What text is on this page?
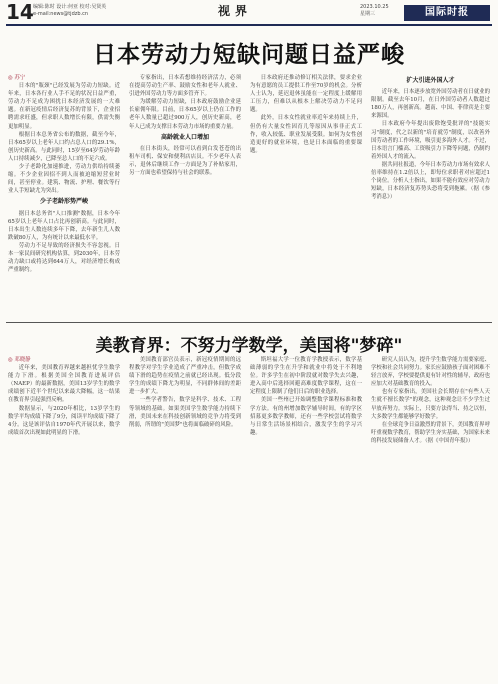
14 编辑:陈时 设计:何亚 校对:吴贤英
e-mail:news@tjdzb.cn	视界	2023.10.25
星期三	国际时报
日本劳动力短缺问题日益严峻

◎ 苏宁

日本的"瓶颈"已经发展为劳动力短缺。近年来，日本各行业人手不足的状况日益严重，劳动力不足成为困扰日本经济发展的一大难题。在新冠疫情后经济复苏的背景下，企业招聘需求旺盛，但求职人数增长有限，供需失衡更加明显。

根据日本总务省公布的数据，截至今年，日本65岁以上老年人口约占总人口的29.1%，创历史新高。与此同时，15岁至64岁劳动年龄人口持续减少，已降至总人口的不足六成。

少子老龄化加速推进，劳动力供给持续萎缩。不少企业因招不到人而被迫缩短营业时间，甚至停业。建筑、物流、护理、餐饮等行业人手短缺尤为突出。

少子老龄形势严峻

据日本总务省"人口推测"数据，日本今年65岁以上老年人口占比再创新高。与此同时，日本出生人数连续多年下降，去年新生儿人数跌破80万人，为有统计以来最低水平。

劳动力不足导致的经济损失不容忽视。日本一家民间研究机构估算，到2030年，日本劳动力缺口或将达到644万人，对经济增长构成严重制约。

专家指出，日本若想维持经济活力，必须在提高劳动生产率、鼓励女性和老年人就业、引进外国劳动力等方面多管齐下。

为缓解劳动力短缺，日本政府鼓励企业延长雇佣年限。目前，日本65岁以上仍在工作的老年人数量已超过900万人，创历史新高，老年人已成为支撑日本劳动力市场的重要力量。

高龄就业人口增加

在日本街头，经常可以看到白发苍苍的出租车司机、保安和便利店店员。不少老年人表示，退休后继续工作一方面是为了补贴家用，另一方面也希望保持与社会的联系。

日本政府还推动修订相关法律，要求企业为有意愿的员工提供工作至70岁的机会。分析人士认为，延迟退休虽能在一定程度上缓解用工压力，但难以从根本上解决劳动力不足问题。

此外，日本女性就业率近年来持续上升，但仍有大量女性因育儿等原因从事非正式工作，收入较低、职业发展受限。如何为女性创造更好的就业环境，也是日本面临的重要课题。

扩大引进外国人才

近年来，日本逐步放宽外国劳动者在日就业的限制。截至去年10月，在日外国劳动者人数超过180万人，再创新高。越南、中国、菲律宾是主要来源国。

日本政府今年提出废除饱受批评的"技能实习"制度，代之以新的"培育就劳"制度，以改善外国劳动者的工作环境，吸引更多海外人才。不过，日本语言门槛高、工资吸引力下降等问题，仍制约着外国人才的流入。

据共同社报道，今年日本劳动力市场有效求人倍率维持在1.2倍以上，即每位求职者对应超过1个岗位。分析人士指出，如果不能有效应对劳动力短缺，日本经济复苏势头恐将受到拖累。（据《参考消息》）

美教育界：不努力学数学，美国将"梦碎"

◎ 邓晓静

近年来，美国教育界越来越担忧学生数学能力下滑。根据美国全国教育进展评估（NAEP）的最新数据，美国13岁学生的数学成绩创下近半个世纪以来最大降幅，这一结果在教育界引起强烈反响。

数据显示，与2020年相比，13岁学生的数学平均成绩下降了9分，阅读平均成绩下降了4分。这是该评估自1970年代开展以来，数学成绩首次出现如此明显的下滑。

美国教育部官员表示，新冠疫情期间的远程教学对学生学业造成了严重冲击，但数学成绩下滑的趋势在疫情之前就已经出现。低分段学生的成绩下降尤为明显，不同群体间的差距进一步扩大。

一些学者警告，数学是科学、技术、工程等领域的基础。如果美国学生数学能力持续下滑，美国未来在科技创新领域的竞争力将受到削弱，所谓的"美国梦"也将面临破碎的风险。

斯坦福大学一位教育学教授表示，数学基础薄弱的学生在升学和就业中将处于不利地位。许多学生在初中阶段就对数学失去兴趣，进入高中后选择回避高难度数学课程，这在一定程度上限制了他们日后的职业选择。

美国一些州已开始调整数学课程标准和教学方法。有的州增加数学辅导时间，有的学区招募更多数学教师，还有一些学校尝试将数学与日常生活场景相结合，激发学生的学习兴趣。

研究人员认为，提升学生数学能力需要家庭、学校和社会共同努力。家长应鼓励孩子面对困难不轻言放弃，学校要提供更有针对性的辅导，政府也应加大对基础教育的投入。

也有专家指出，美国社会长期存在"有些人天生就不擅长数学"的观念，这种观念让不少学生过早放弃努力。实际上，只要方法得当、持之以恒，大多数学生都能够学好数学。

在全球竞争日益激烈的背景下，美国教育界呼吁重视数学教育，帮助学生夯实基础，为国家未来的科技发展储备人才。（据《中国青年报》）
